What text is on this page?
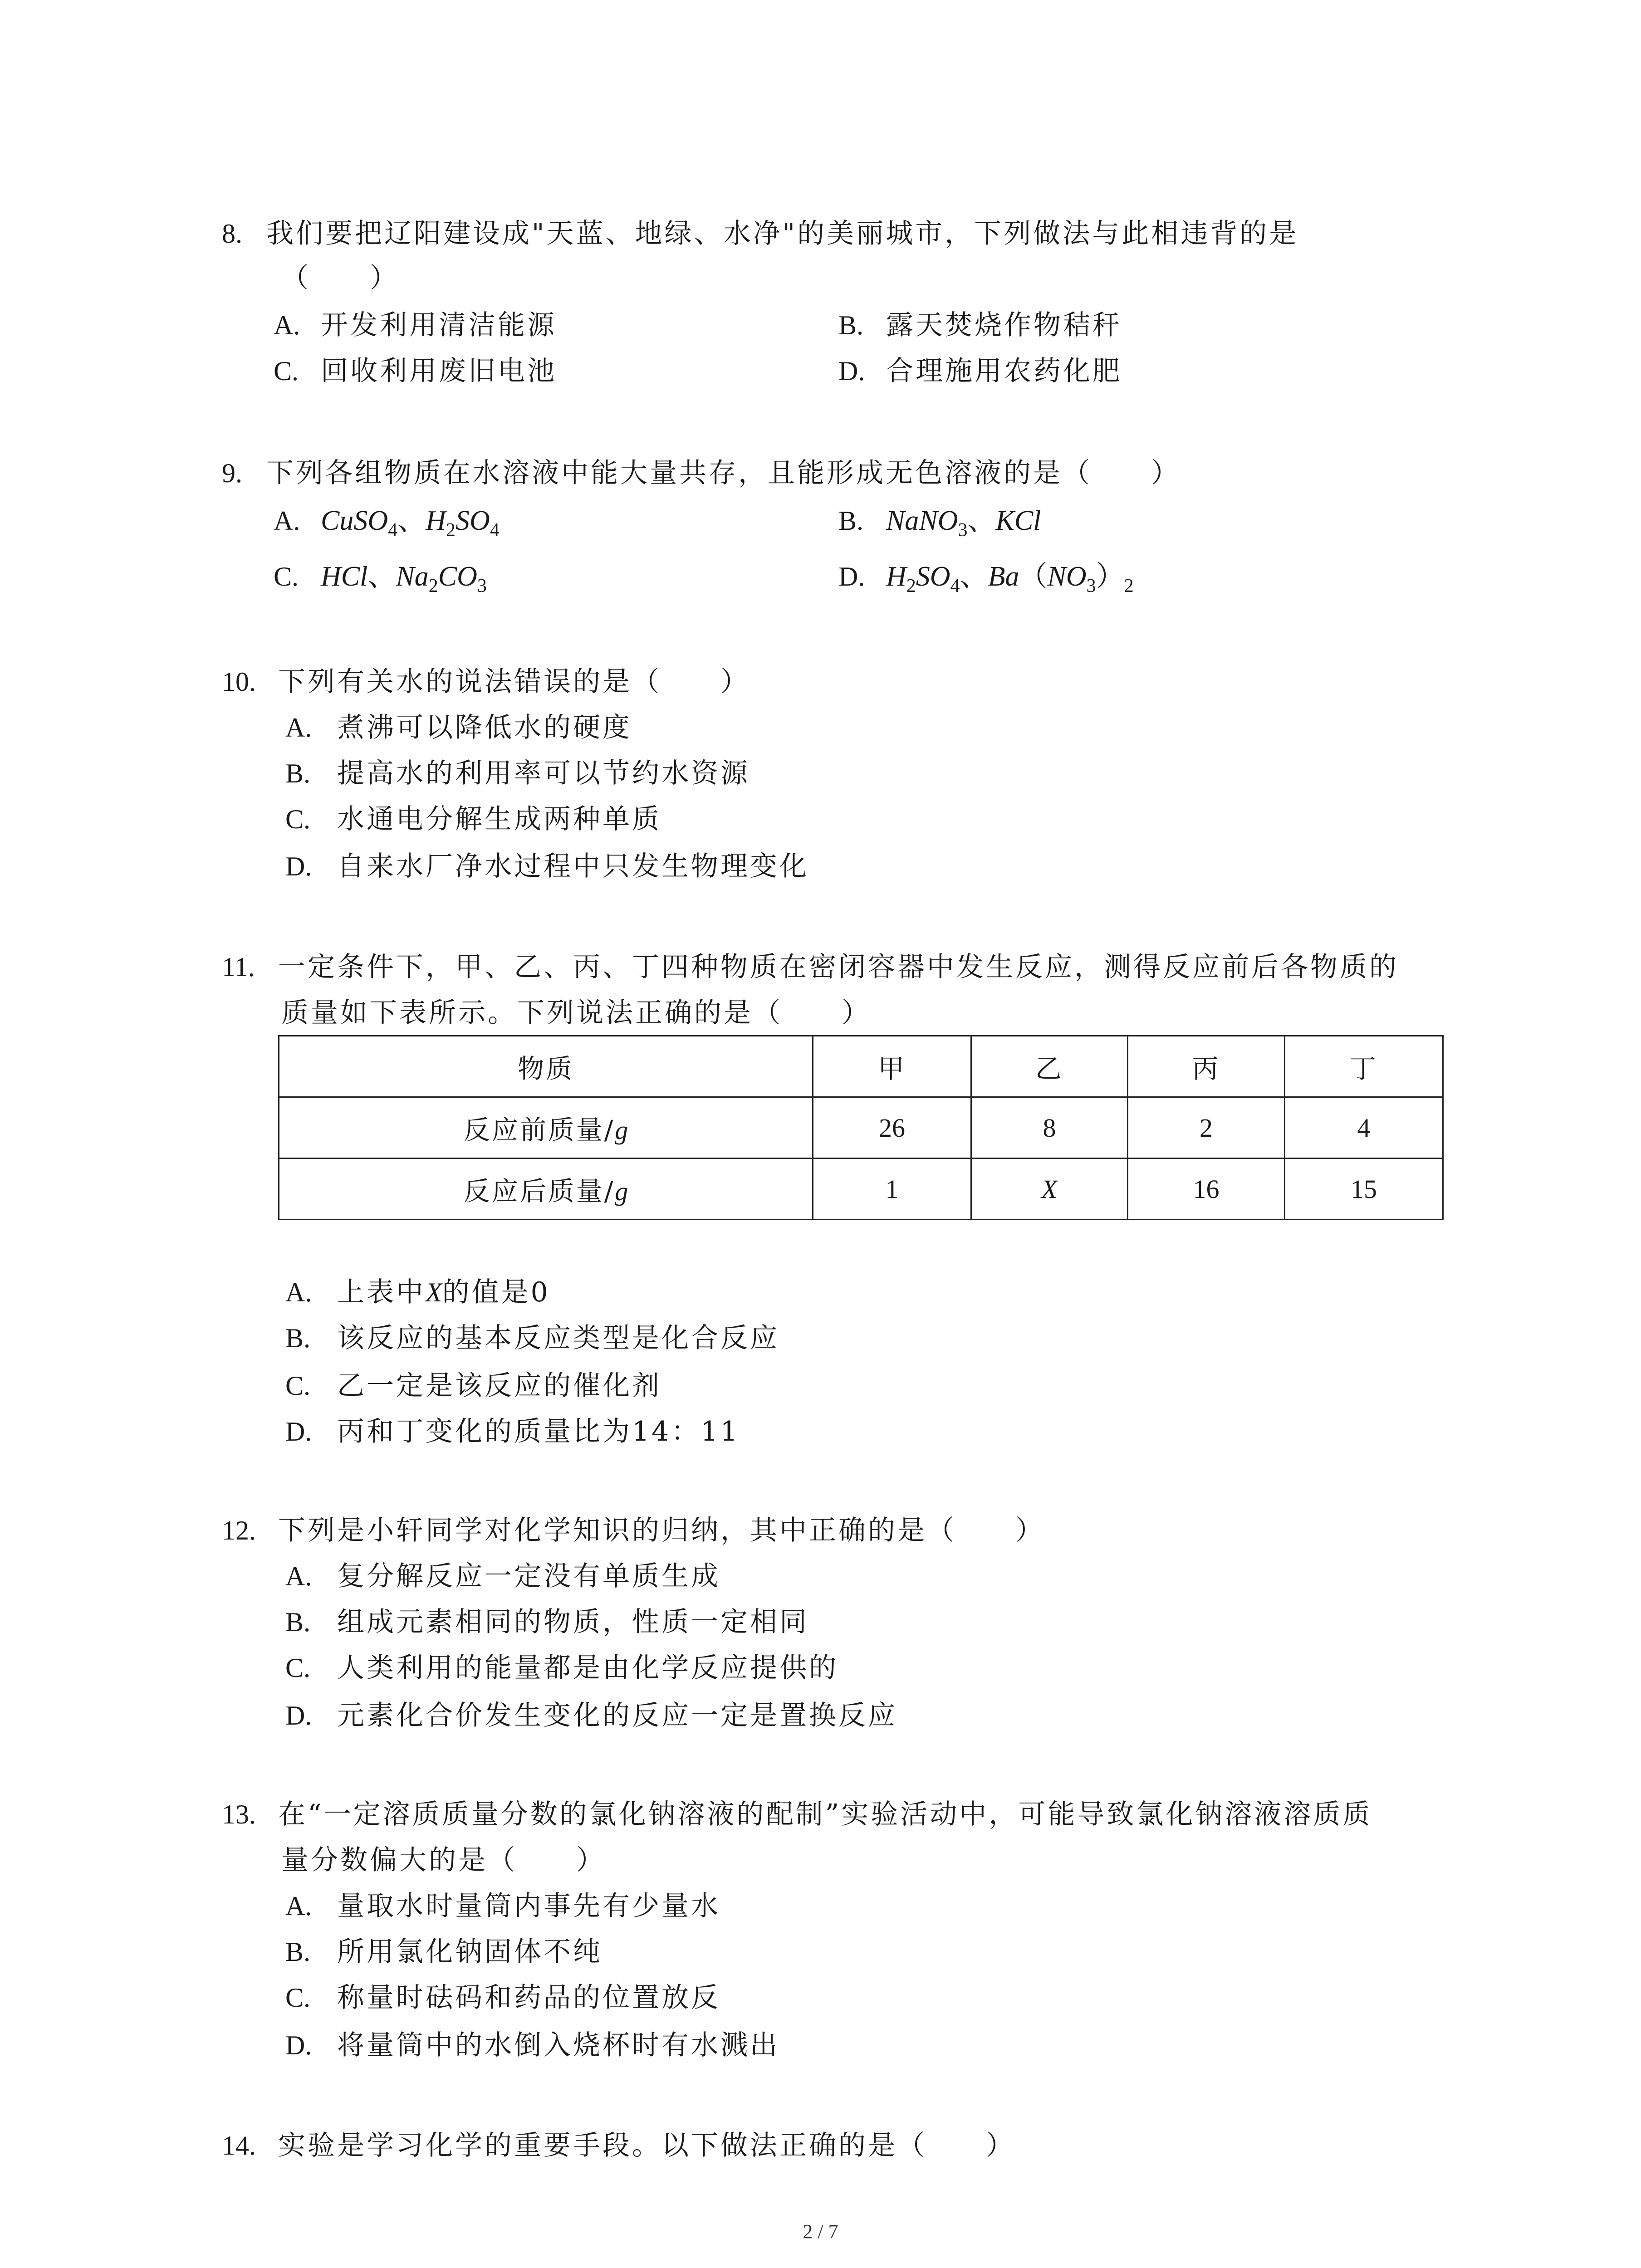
8. 我们要把辽阳建设成"天蓝、地绿、水净"的美丽城市，下列做法与此相违背的是
（　　）
A. 开发利用清洁能源	B. 露天焚烧作物秸秆
C. 回收利用废旧电池	D. 合理施用农药化肥
9. 下列各组物质在水溶液中能大量共存，且能形成无色溶液的是（　　）
A. CuSO$_4$、$H_2SO_4$	B. NaNO$_3$、KCl
C. HCl、$Na_2CO_3$	D. $H_2SO_4$、$Ba(NO_3)_2$
10. 下列有关水的说法错误的是（　　）
A. 煮沸可以降低水的硬度
B. 提高水的利用率可以节约水资源
C. 水通电分解生成两种单质
D. 自来水厂净水过程中只发生物理变化
11. 一定条件下，甲、乙、丙、丁四种物质在密闭容器中发生反应，测得反应前后各物质的
质量如下表所示。下列说法正确的是（　　）
物质	甲	乙	丙	丁
反应前质量/g	26	8	2	4
反应后质量/g	1	X	16	15
A. 上表中X的值是0
B. 该反应的基本反应类型是化合反应
C. 乙一定是该反应的催化剂
D. 丙和丁变化的质量比为14：11
12. 下列是小轩同学对化学知识的归纳，其中正确的是（　　）
A. 复分解反应一定没有单质生成
B. 组成元素相同的物质，性质一定相同
C. 人类利用的能量都是由化学反应提供的
D. 元素化合价发生变化的反应一定是置换反应
13. 在“一定溶质质量分数的氯化钠溶液的配制”实验活动中，可能导致氯化钠溶液溶质质
量分数偏大的是（　　）
A. 量取水时量筒内事先有少量水
B. 所用氯化钠固体不纯
C. 称量时砝码和药品的位置放反
D. 将量筒中的水倒入烧杯时有水溅出
14. 实验是学习化学的重要手段。以下做法正确的是（　　）
2 / 7
